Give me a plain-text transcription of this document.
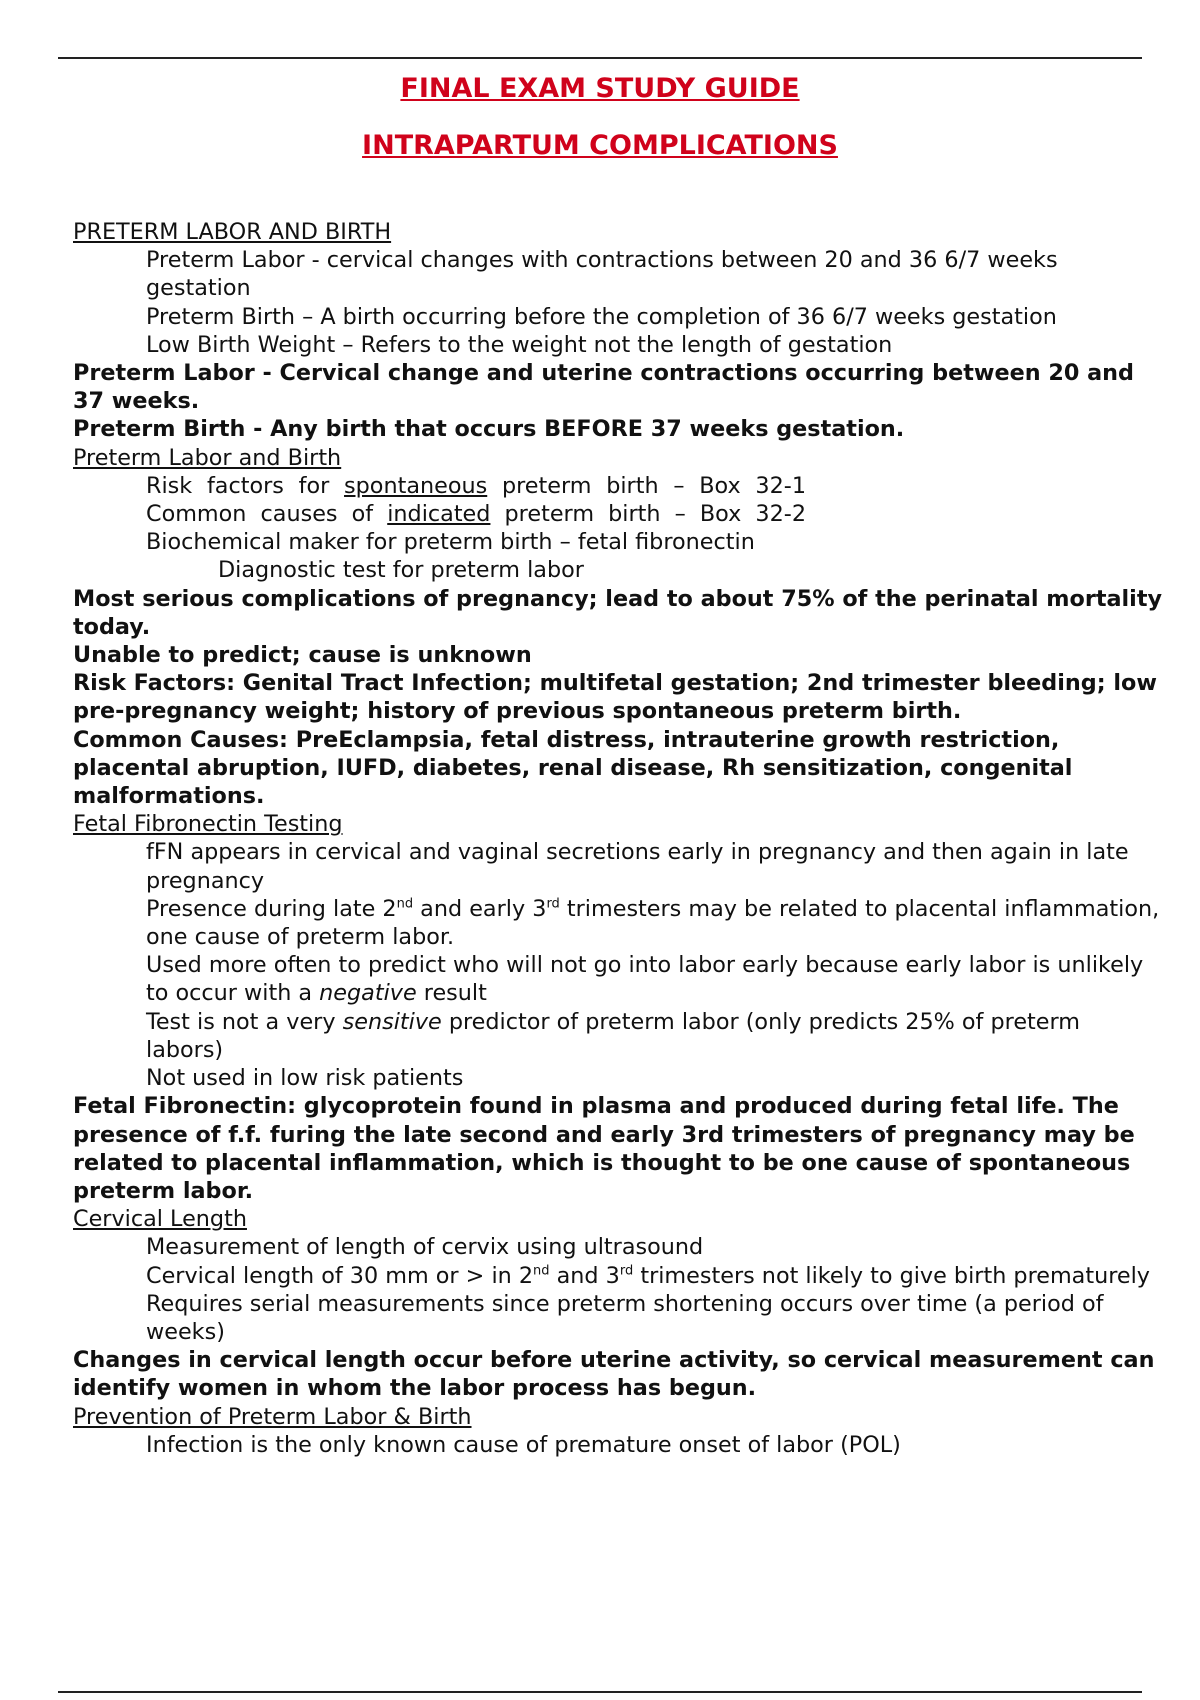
FINAL EXAM STUDY GUIDE
INTRAPARTUM COMPLICATIONS

PRETERM LABOR AND BIRTH

Preterm Labor - cervical changes with contractions between 20 and 36 6/7 weeks gestation

Preterm Birth – A birth occurring before the completion of 36 6/7 weeks gestation

Low Birth Weight – Refers to the weight not the length of gestation

Preterm Labor - Cervical change and uterine contractions occurring between 20 and 37 weeks.

Preterm Birth - Any birth that occurs BEFORE 37 weeks gestation.

Preterm Labor and Birth

Risk factors for spontaneous preterm birth – Box 32-1 Common causes of indicated preterm birth – Box 32-2 Biochemical maker for preterm birth – fetal fibronectin

Diagnostic test for preterm labor

Most serious complications of pregnancy; lead to about 75% of the perinatal mortality today.

Unable to predict; cause is unknown

Risk Factors: Genital Tract Infection; multifetal gestation; 2nd trimester bleeding; low pre-pregnancy weight; history of previous spontaneous preterm birth.

Common Causes: PreEclampsia, fetal distress, intrauterine growth restriction, placental abruption, IUFD, diabetes, renal disease, Rh sensitization, congenital malformations.

Fetal Fibronectin Testing

fFN appears in cervical and vaginal secretions early in pregnancy and then again in late pregnancy

Presence during late 2nd and early 3rd trimesters may be related to placental inflammation, one cause of preterm labor.

Used more often to predict who will not go into labor early because early labor is unlikely to occur with a negative result

Test is not a very sensitive predictor of preterm labor (only predicts 25% of preterm labors)

Not used in low risk patients

Fetal Fibronectin: glycoprotein found in plasma and produced during fetal life. The presence of f.f. furing the late second and early 3rd trimesters of pregnancy may be related to placental inflammation, which is thought to be one cause of spontaneous preterm labor.

Cervical Length

Measurement of length of cervix using ultrasound

Cervical length of 30 mm or > in 2nd and 3rd trimesters not likely to give birth prematurely

Requires serial measurements since preterm shortening occurs over time (a period of weeks)

Changes in cervical length occur before uterine activity, so cervical measurement can identify women in whom the labor process has begun.

Prevention of Preterm Labor & Birth

Infection is the only known cause of premature onset of labor (POL)
